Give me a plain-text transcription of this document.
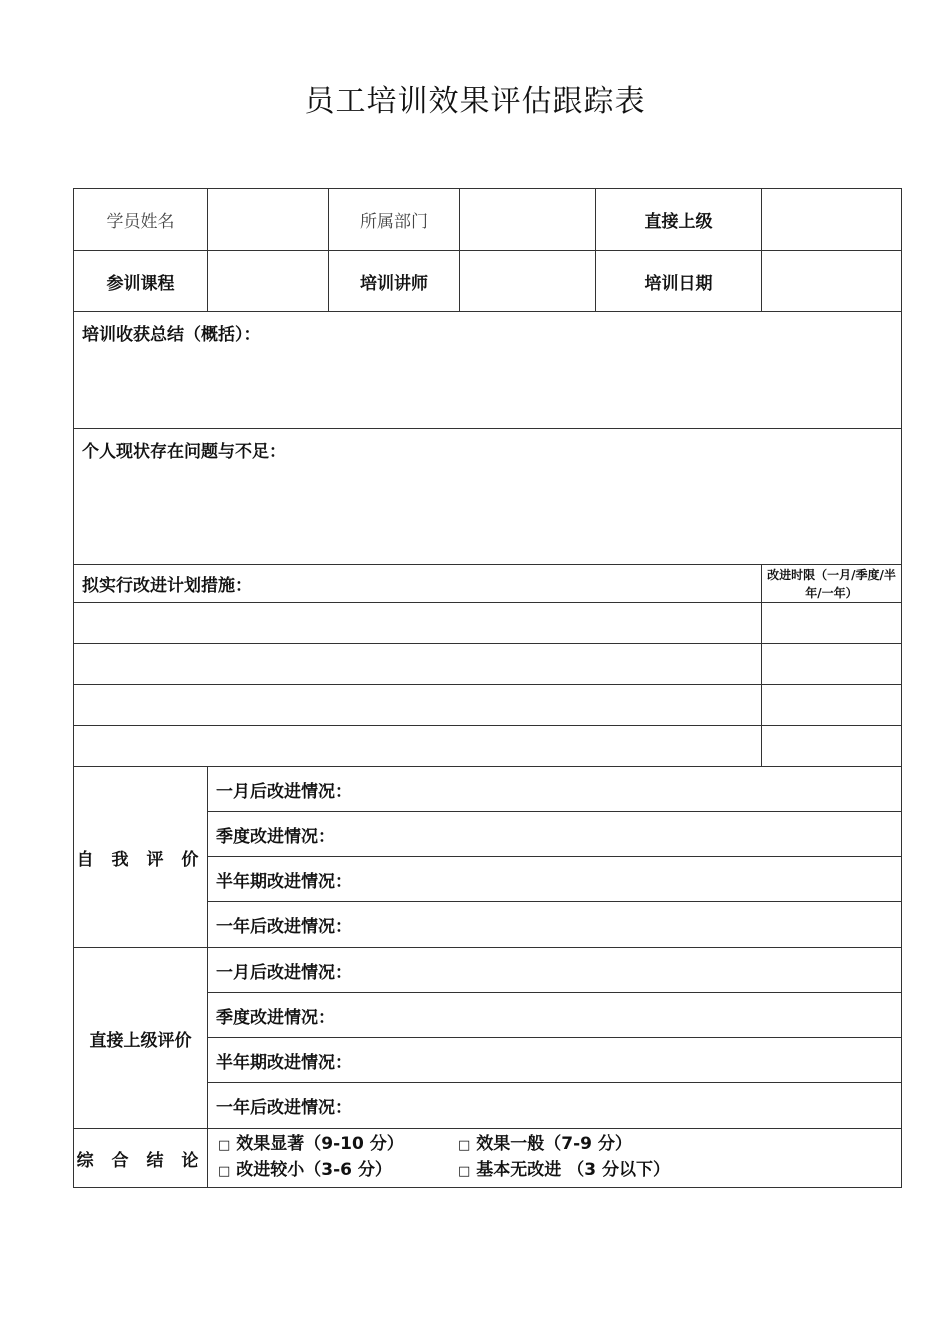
员工培训效果评估跟踪表
学员姓名		所属部门		直接上级	
参训课程		培训讲师		培训日期	
培训收获总结（概括）：					
个人现状存在问题与不足：					
拟实行改进计划措施：					改进时限（一月/季度/半年/一年）

自 我 评 价	一月后改进情况：				
	季度改进情况：				
	半年期改进情况：				
	一年后改进情况：				
直接上级评价	一月后改进情况：				
	季度改进情况：				
	半年期改进情况：				
	一年后改进情况：				
综 合 结 论	□ 效果显著（9-10 分） □ 效果一般（7-9 分）
□ 改进较小（3-6 分） □ 基本无改进 （3 分以下）				
